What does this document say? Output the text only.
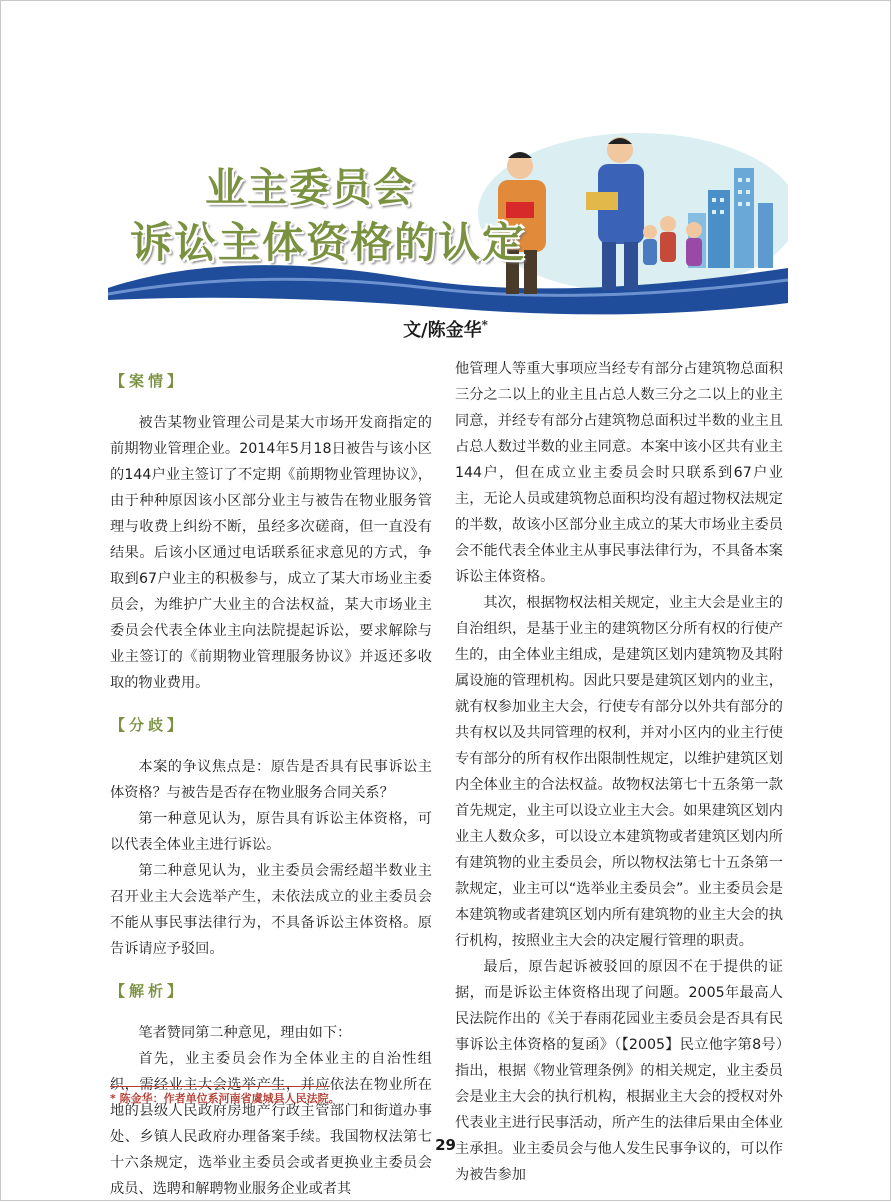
业主委员会
诉讼主体资格的认定
文/陈金华*
【案情】

被告某物业管理公司是某大市场开发商指定的前期物业管理企业。2014年5月18日被告与该小区的144户业主签订了不定期《前期物业管理协议》，由于种种原因该小区部分业主与被告在物业服务管理与收费上纠纷不断，虽经多次磋商，但一直没有结果。后该小区通过电话联系征求意见的方式，争取到67户业主的积极参与，成立了某大市场业主委员会，为维护广大业主的合法权益，某大市场业主委员会代表全体业主向法院提起诉讼，要求解除与业主签订的《前期物业管理服务协议》并返还多收取的物业费用。

【分歧】

本案的争议焦点是：原告是否具有民事诉讼主体资格？与被告是否存在物业服务合同关系？

第一种意见认为，原告具有诉讼主体资格，可以代表全体业主进行诉讼。

第二种意见认为，业主委员会需经超半数业主召开业主大会选举产生，未依法成立的业主委员会不能从事民事法律行为，不具备诉讼主体资格。原告诉请应予驳回。

【解析】

笔者赞同第二种意见，理由如下：

首先，业主委员会作为全体业主的自治性组织，需经业主大会选举产生，并应依法在物业所在地的县级人民政府房地产行政主管部门和街道办事处、乡镇人民政府办理备案手续。我国物权法第七十六条规定，选举业主委员会或者更换业主委员会成员、选聘和解聘物业服务企业或者其

他管理人等重大事项应当经专有部分占建筑物总面积三分之二以上的业主且占总人数三分之二以上的业主同意，并经专有部分占建筑物总面积过半数的业主且占总人数过半数的业主同意。本案中该小区共有业主144户，但在成立业主委员会时只联系到67户业主，无论人员或建筑物总面积均没有超过物权法规定的半数，故该小区部分业主成立的某大市场业主委员会不能代表全体业主从事民事法律行为，不具备本案诉讼主体资格。

其次，根据物权法相关规定，业主大会是业主的自治组织，是基于业主的建筑物区分所有权的行使产生的，由全体业主组成，是建筑区划内建筑物及其附属设施的管理机构。因此只要是建筑区划内的业主，就有权参加业主大会，行使专有部分以外共有部分的共有权以及共同管理的权利，并对小区内的业主行使专有部分的所有权作出限制性规定，以维护建筑区划内全体业主的合法权益。故物权法第七十五条第一款首先规定，业主可以设立业主大会。如果建筑区划内业主人数众多，可以设立本建筑物或者建筑区划内所有建筑物的业主委员会，所以物权法第七十五条第一款规定，业主可以“选举业主委员会”。业主委员会是本建筑物或者建筑区划内所有建筑物的业主大会的执行机构，按照业主大会的决定履行管理的职责。

最后，原告起诉被驳回的原因不在于提供的证据，而是诉讼主体资格出现了问题。2005年最高人民法院作出的《关于春雨花园业主委员会是否具有民事诉讼主体资格的复函》（【2005】民立他字第8号）指出，根据《物业管理条例》的相关规定，业主委员会是业主大会的执行机构，根据业主大会的授权对外代表业主进行民事活动，所产生的法律后果由全体业主承担。业主委员会与他人发生民事争议的，可以作为被告参加

* 陈金华：作者单位系河南省虞城县人民法院。
29
